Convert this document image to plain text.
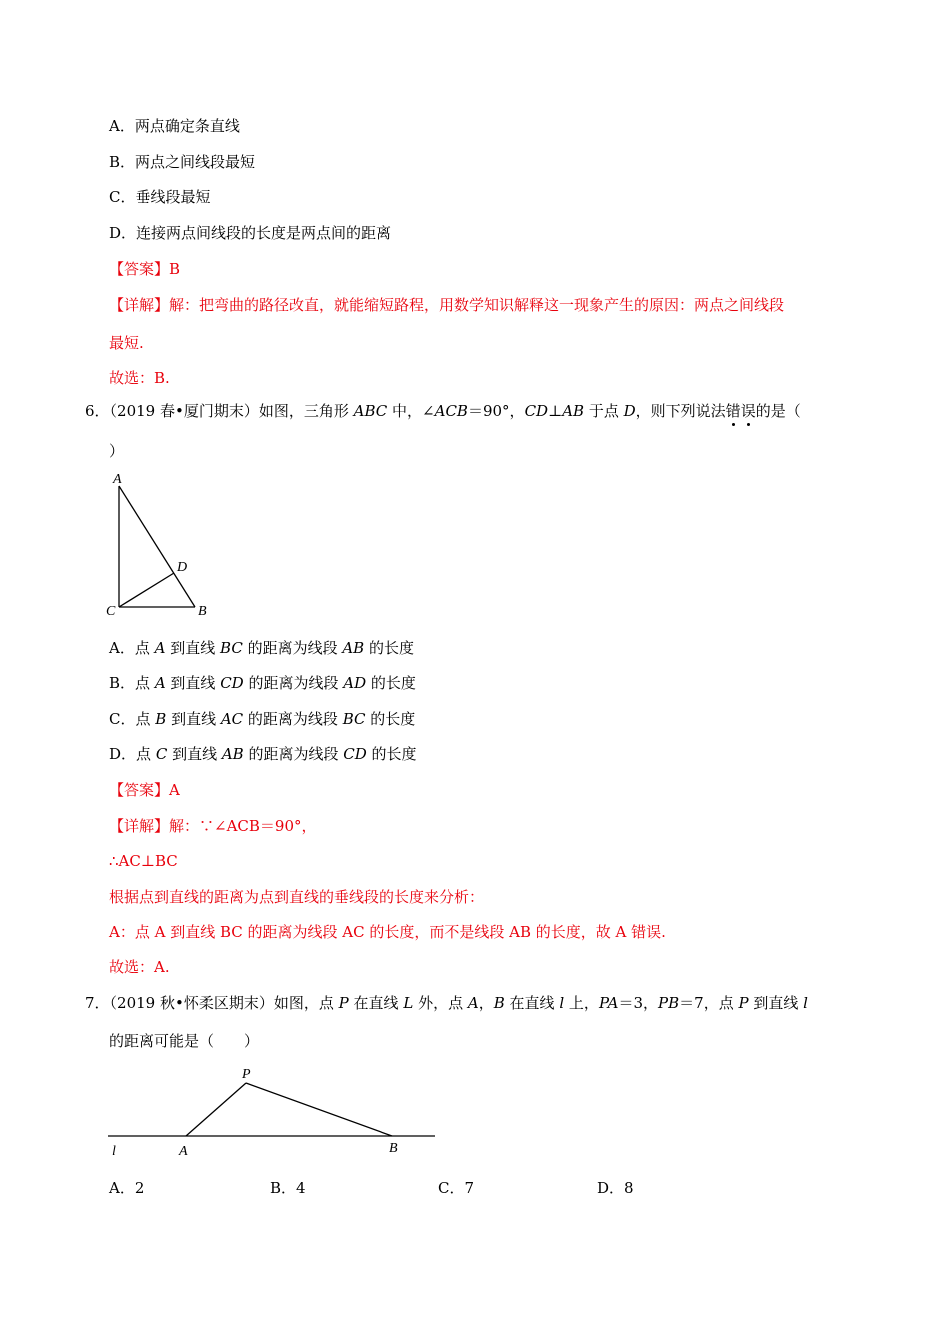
A．两点确定条直线
B．两点之间线段最短
C．垂线段最短
D．连接两点间线段的长度是两点间的距离
【答案】B
【详解】解：把弯曲的路径改直，就能缩短路程，用数学知识解释这一现象产生的原因：两点之间线段
最短.
故选：B.
6．（2019 春•厦门期末）如图，三角形 ABC 中，∠ACB＝90°，CD⊥AB 于点 D，则下列说法错误的是（
）
A
C	B
D
A．点 A 到直线 BC 的距离为线段 AB 的长度
B．点 A 到直线 CD 的距离为线段 AD 的长度
C．点 B 到直线 AC 的距离为线段 BC 的长度
D．点 C 到直线 AB 的距离为线段 CD 的长度
【答案】A
【详解】解：∵∠ACB＝90°，
∴AC⊥BC
根据点到直线的距离为点到直线的垂线段的长度来分析：
A：点 A 到直线 BC 的距离为线段 AC 的长度，而不是线段 AB 的长度，故 A 错误.
故选：A.
7．（2019 秋•怀柔区期末）如图，点 P 在直线 L 外，点 A，B 在直线 l 上，PA＝3，PB＝7，点 P 到直线 l
的距离可能是（　　）
P
l	A	B
A．2	B．4	C．7	D．8
